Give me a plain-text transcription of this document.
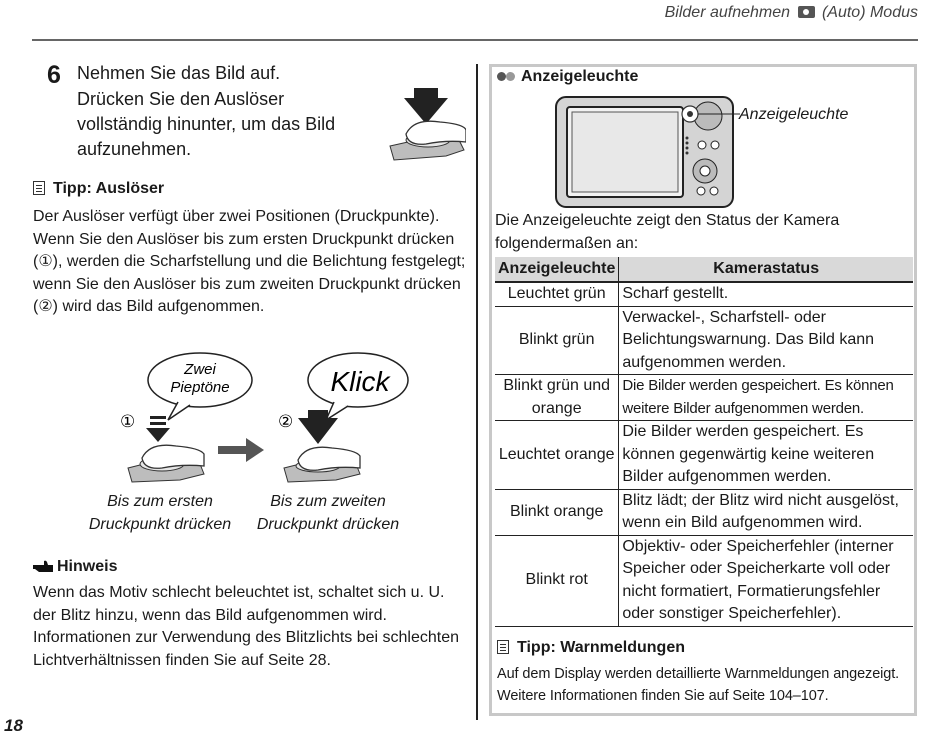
Bilder aufnehmen (Auto) Modus
6 Nehmen Sie das Bild auf.
Drücken Sie den Auslöser vollständig hinunter, um das Bild aufzunehmen.
Tipp: Auslöser
Der Auslöser verfügt über zwei Positionen (Druckpunkte). Wenn Sie den Auslöser bis zum ersten Druckpunkt drücken (①), werden die Scharfstellung und die Belichtung festgelegt; wenn Sie den Auslöser bis zum zweiten Druckpunkt drücken (②) wird das Bild aufgenommen.
Zwei
Pieptöne
①
Klick
②
Bis zum ersten
Druckpunkt drücken
Bis zum zweiten
Druckpunkt drücken
Hinweis
Wenn das Motiv schlecht beleuchtet ist, schaltet sich u. U. der Blitz hinzu, wenn das Bild aufgenommen wird. Informationen zur Verwendung des Blitzlichts bei schlechten Lichtverhältnissen finden Sie auf Seite 28.
18
Anzeigeleuchte
Anzeigeleuchte
Die Anzeigeleuchte zeigt den Status der Kamera folgendermaßen an:
Anzeigeleuchte	Kamerastatus
Leuchtet grün	Scharf gestellt.
Blinkt grün	Verwackel-, Scharfstell- oder Belichtungswarnung. Das Bild kann aufgenommen werden.
Blinkt grün und orange	Die Bilder werden gespeichert. Es können weitere Bilder aufgenommen werden.
Leuchtet orange	Die Bilder werden gespeichert. Es können gegenwärtig keine weiteren Bilder aufgenommen werden.
Blinkt orange	Blitz lädt; der Blitz wird nicht ausgelöst, wenn ein Bild aufgenommen wird.
Blinkt rot	Objektiv- oder Speicherfehler (interner Speicher oder Speicherkarte voll oder nicht formatiert, Formatierungsfehler oder sonstiger Speicherfehler).
Tipp: Warnmeldungen
Auf dem Display werden detaillierte Warnmeldungen angezeigt. Weitere Informationen finden Sie auf Seite 104–107.
